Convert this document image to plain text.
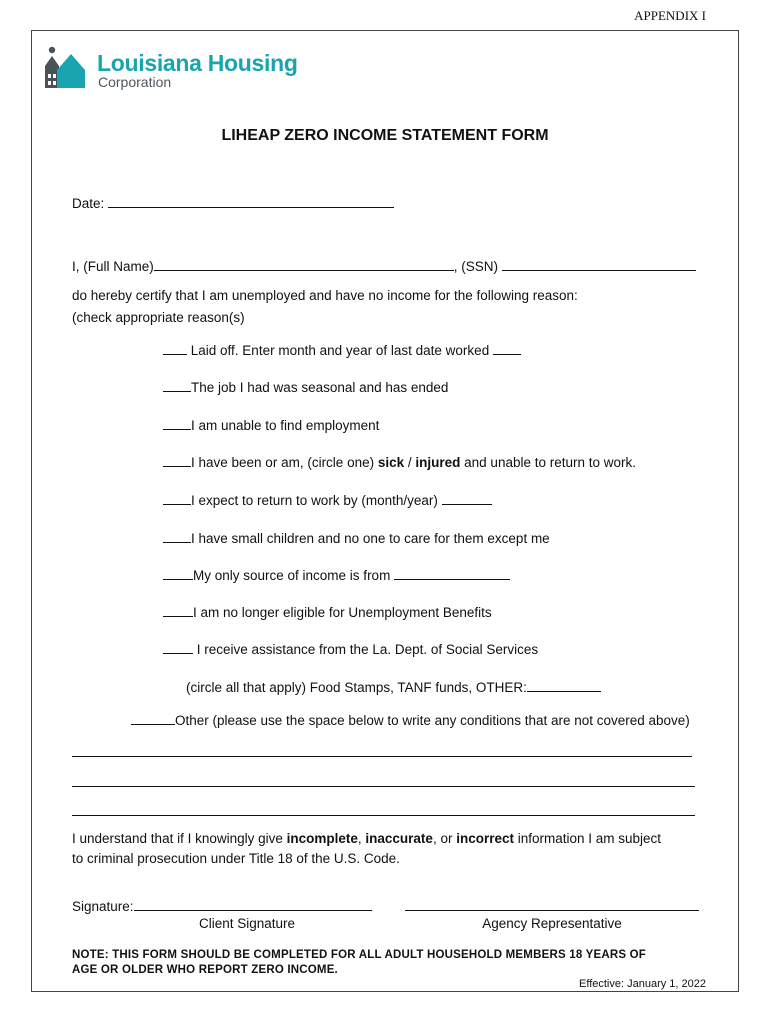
APPENDIX I
Louisiana Housing
Corporation
LIHEAP ZERO INCOME STATEMENT FORM
Date:
I, (Full Name)	, (SSN)
do hereby certify that I am unemployed and have no income for the following reason:
(check appropriate reason(s)
Laid off. Enter month and year of last date worked
The job I had was seasonal and has ended
I am unable to find employment
I have been or am, (circle one) sick / injured and unable to return to work.
I expect to return to work by (month/year)
I have small children and no one to care for them except me
My only source of income is from
I am no longer eligible for Unemployment Benefits
I receive assistance from the La. Dept. of Social Services
(circle all that apply) Food Stamps, TANF funds, OTHER:
Other (please use the space below to write any conditions that are not covered above)
I understand that if I knowingly give incomplete, inaccurate, or incorrect information I am subject
to criminal prosecution under Title 18 of the U.S. Code.
Signature:
Client Signature	Agency Representative
NOTE: THIS FORM SHOULD BE COMPLETED FOR ALL ADULT HOUSEHOLD MEMBERS 18 YEARS OF
AGE OR OLDER WHO REPORT ZERO INCOME.
Effective: January 1, 2022
